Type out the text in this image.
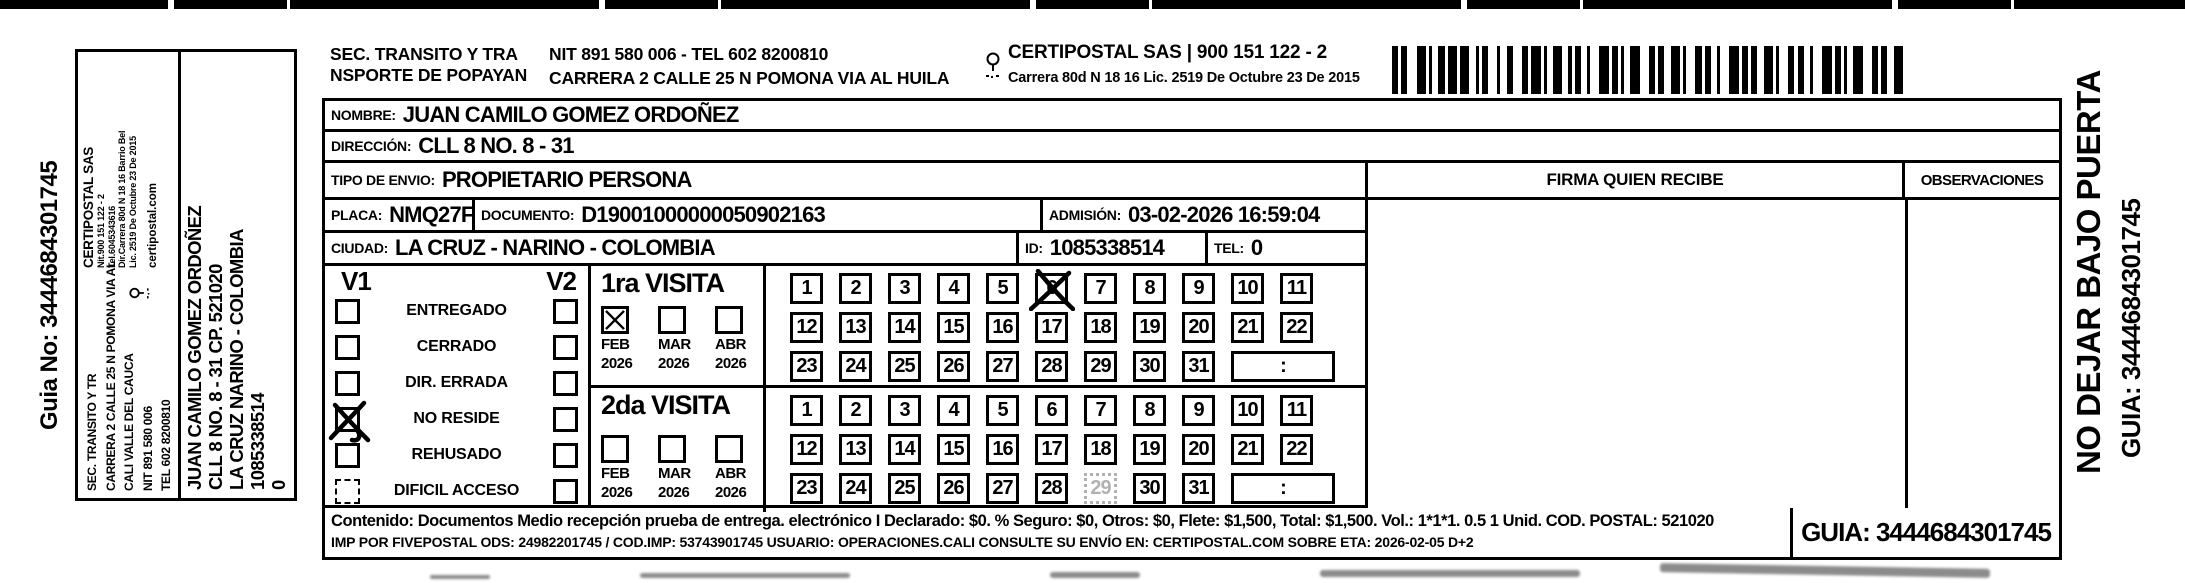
Guia No: 3444684301745
SEC. TRANSITO Y TR CARRERA 2 CALLE 25 N POMONA VIA AL CALI VALLE DEL CAUCA NIT 891 580 006 TEL 602 8200810
CERTIPOSTAL SAS Nit.900 151 122 - 2 Tel.6045343616 Dir.Carrera 80d N 18 16 Barrio Bel Lic. 2519 De Octubre 23 De 2015 certipostal.com JUAN CAMILO GOMEZ ORDOÑEZ CLL 8 NO. 8 - 31 CP. 521020 LA CRUZ NARINO - COLOMBIA 1085338514 0
SEC. TRANSITO Y TRA
NSPORTE DE POPAYAN
NIT 891 580 006 - TEL 602 8200810
CARRERA 2 CALLE 25 N POMONA VIA AL HUILA
CERTIPOSTAL SAS | 900 151 122 - 2
Carrera 80d N 18 16 Lic. 2519 De Octubre 23 De 2015
NOMBRE: JUAN CAMILO GOMEZ ORDOÑEZ
DIRECCIÓN: CLL 8 NO. 8 - 31
TIPO DE ENVIO: PROPIETARIO PERSONA
PLACA: NMQ27F DOCUMENTO: D19001000000050902163	ADMISIÓN: 03-02-2026 16:59:04
CIUDAD: LA CRUZ - NARINO - COLOMBIA	ID: 1085338514	TEL: 0
V1	V2
ENTREGADO
CERRADO
DIR. ERRADA
NO RESIDE
REHUSADO
DIFICIL ACCESO
1ra VISITA
FEB
2026
MAR
2026
ABR
2026
1 2 3 4 5 6 7 8 9 10 11
12 13 14 15 16 17 18 19 20 21 22
23 24 25 26 27 28 29 30 31	:
2da VISITA
FEB
2026
MAR
2026
ABR
2026
1 2 3 4 5 6 7 8 9 10 11
12 13 14 15 16 17 18 19 20 21 22
23 24 25 26 27 28 29 30 31	:
FIRMA QUIEN RECIBE	OBSERVACIONES
Contenido: Documentos Medio recepción prueba de entrega. electrónico I Declarado: $0. % Seguro: $0, Otros: $0, Flete: $1,500, Total: $1,500. Vol.: 1*1*1. 0.5 1 Unid. COD. POSTAL: 521020
IMP POR FIVEPOSTAL ODS: 24982201745 / COD.IMP: 53743901745 USUARIO: OPERACIONES.CALI CONSULTE SU ENVÍO EN: CERTIPOSTAL.COM SOBRE ETA: 2026-02-05 D+2	GUIA: 3444684301745
NO DEJAR BAJO PUERTA GUIA: 3444684301745
